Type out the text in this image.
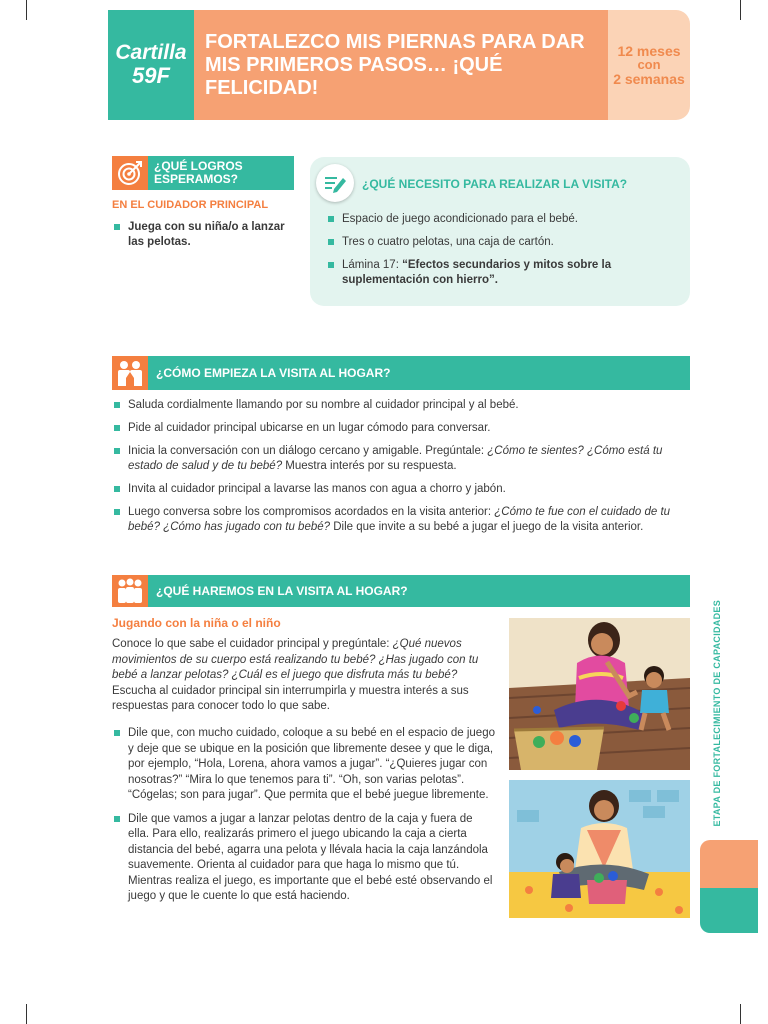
Cartilla
59F
FORTALEZCO MIS PIERNAS PARA DAR
MIS PRIMEROS PASOS… ¡QUÉ FELICIDAD!
12 meses
con
2 semanas
¿QUÉ LOGROS
ESPERAMOS?
EN EL CUIDADOR PRINCIPAL
Juega con su niña/o a lanzar las pelotas.
¿QUÉ NECESITO PARA REALIZAR LA VISITA?
Espacio de juego acondicionado para el bebé.
Tres o cuatro pelotas, una caja de cartón.
Lámina 17: “Efectos secundarios y mitos sobre la suplementación con hierro”.
¿CÓMO EMPIEZA LA VISITA AL HOGAR?
Saluda cordialmente llamando por su nombre al cuidador principal y al bebé.
Pide al cuidador principal ubicarse en un lugar cómodo para conversar.
Inicia la conversación con un diálogo cercano y amigable. Pregúntale: ¿Cómo te sientes? ¿Cómo está tu estado de salud y de tu bebé? Muestra interés por su respuesta.
Invita al cuidador principal a lavarse las manos con agua a chorro y jabón.
Luego conversa sobre los compromisos acordados en la visita anterior: ¿Cómo te fue con el cuidado de tu bebé? ¿Cómo has jugado con tu bebé? Dile que invite a su bebé a jugar el juego de la visita anterior.
¿QUÉ HAREMOS EN LA VISITA AL HOGAR?
Jugando con la niña o el niño
Conoce lo que sabe el cuidador principal y pregúntale: ¿Qué nuevos movimientos de su cuerpo está realizando tu bebé? ¿Has jugado con tu bebé a lanzar pelotas? ¿Cuál es el juego que disfruta más tu bebé? Escucha al cuidador principal sin interrumpirla y muestra interés a sus respuestas para conocer todo lo que sabe.
Dile que, con mucho cuidado, coloque a su bebé en el espacio de juego y deje que se ubique en la posición que libremente desee y que le diga, por ejemplo, “Hola, Lorena, ahora vamos a jugar”. “¿Quieres jugar con nosotras?” “Mira lo que tenemos para ti”. “Oh, son varias pelotas”. “Cógelas; son para jugar”. Que permita que el bebé juegue libremente.
Dile que vamos a jugar a lanzar pelotas dentro de la caja y fuera de ella. Para ello, realizarás primero el juego ubicando la caja a cierta distancia del bebé, agarra una pelota y llévala hacia la caja lanzándola suavemente. Orienta al cuidador para que haga lo mismo que tú. Mientras realiza el juego, es importante que el bebé esté observando el juego y que le cuente lo que está haciendo.
ETAPA DE FORTALECIMIENTO DE CAPACIDADES
